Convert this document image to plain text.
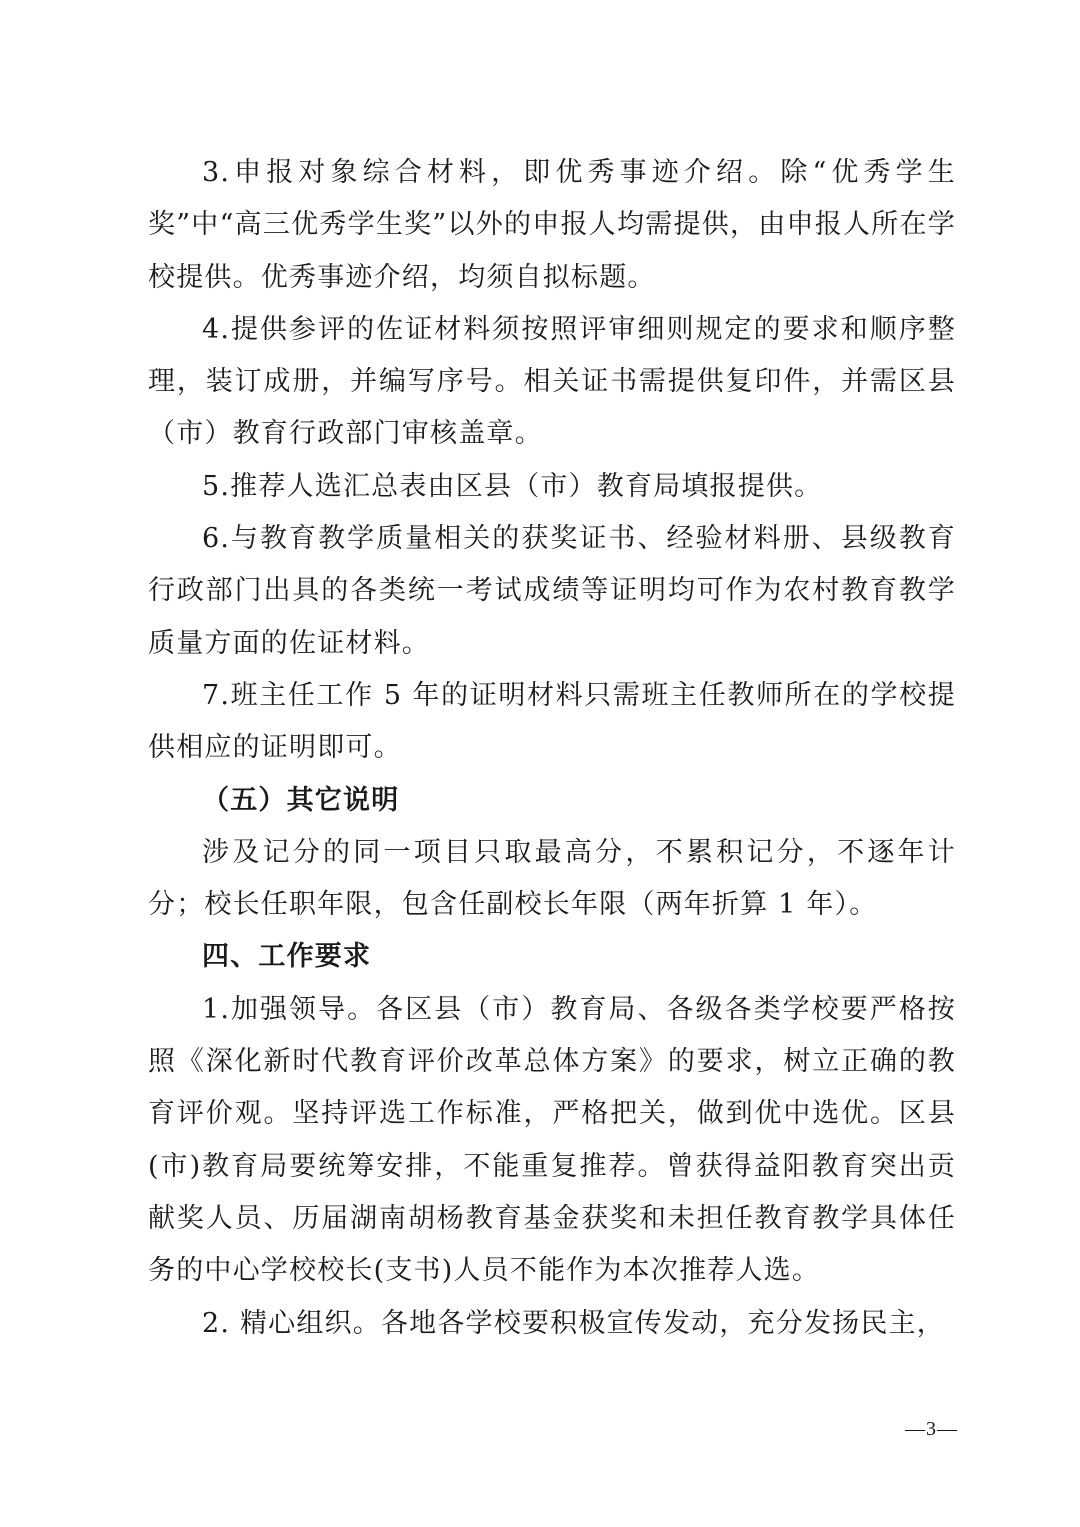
3.申报对象综合材料，即优秀事迹介绍。除“优秀学生奖”中“高三优秀学生奖”以外的申报人均需提供，由申报人所在学校提供。优秀事迹介绍，均须自拟标题。

4.提供参评的佐证材料须按照评审细则规定的要求和顺序整理，装订成册，并编写序号。相关证书需提供复印件，并需区县（市）教育行政部门审核盖章。

5.推荐人选汇总表由区县（市）教育局填报提供。

6.与教育教学质量相关的获奖证书、经验材料册、县级教育行政部门出具的各类统一考试成绩等证明均可作为农村教育教学质量方面的佐证材料。

7.班主任工作 5 年的证明材料只需班主任教师所在的学校提供相应的证明即可。

（五）其它说明

涉及记分的同一项目只取最高分，不累积记分，不逐年计分；校长任职年限，包含任副校长年限（两年折算 1 年）。

四、工作要求

1.加强领导。各区县（市）教育局、各级各类学校要严格按照《深化新时代教育评价改革总体方案》的要求，树立正确的教育评价观。坚持评选工作标准，严格把关，做到优中选优。区县(市)教育局要统筹安排，不能重复推荐。曾获得益阳教育突出贡献奖人员、历届湖南胡杨教育基金获奖和未担任教育教学具体任务的中心学校校长(支书)人员不能作为本次推荐人选。

2. 精心组织。各地各学校要积极宣传发动，充分发扬民主，

—3—
